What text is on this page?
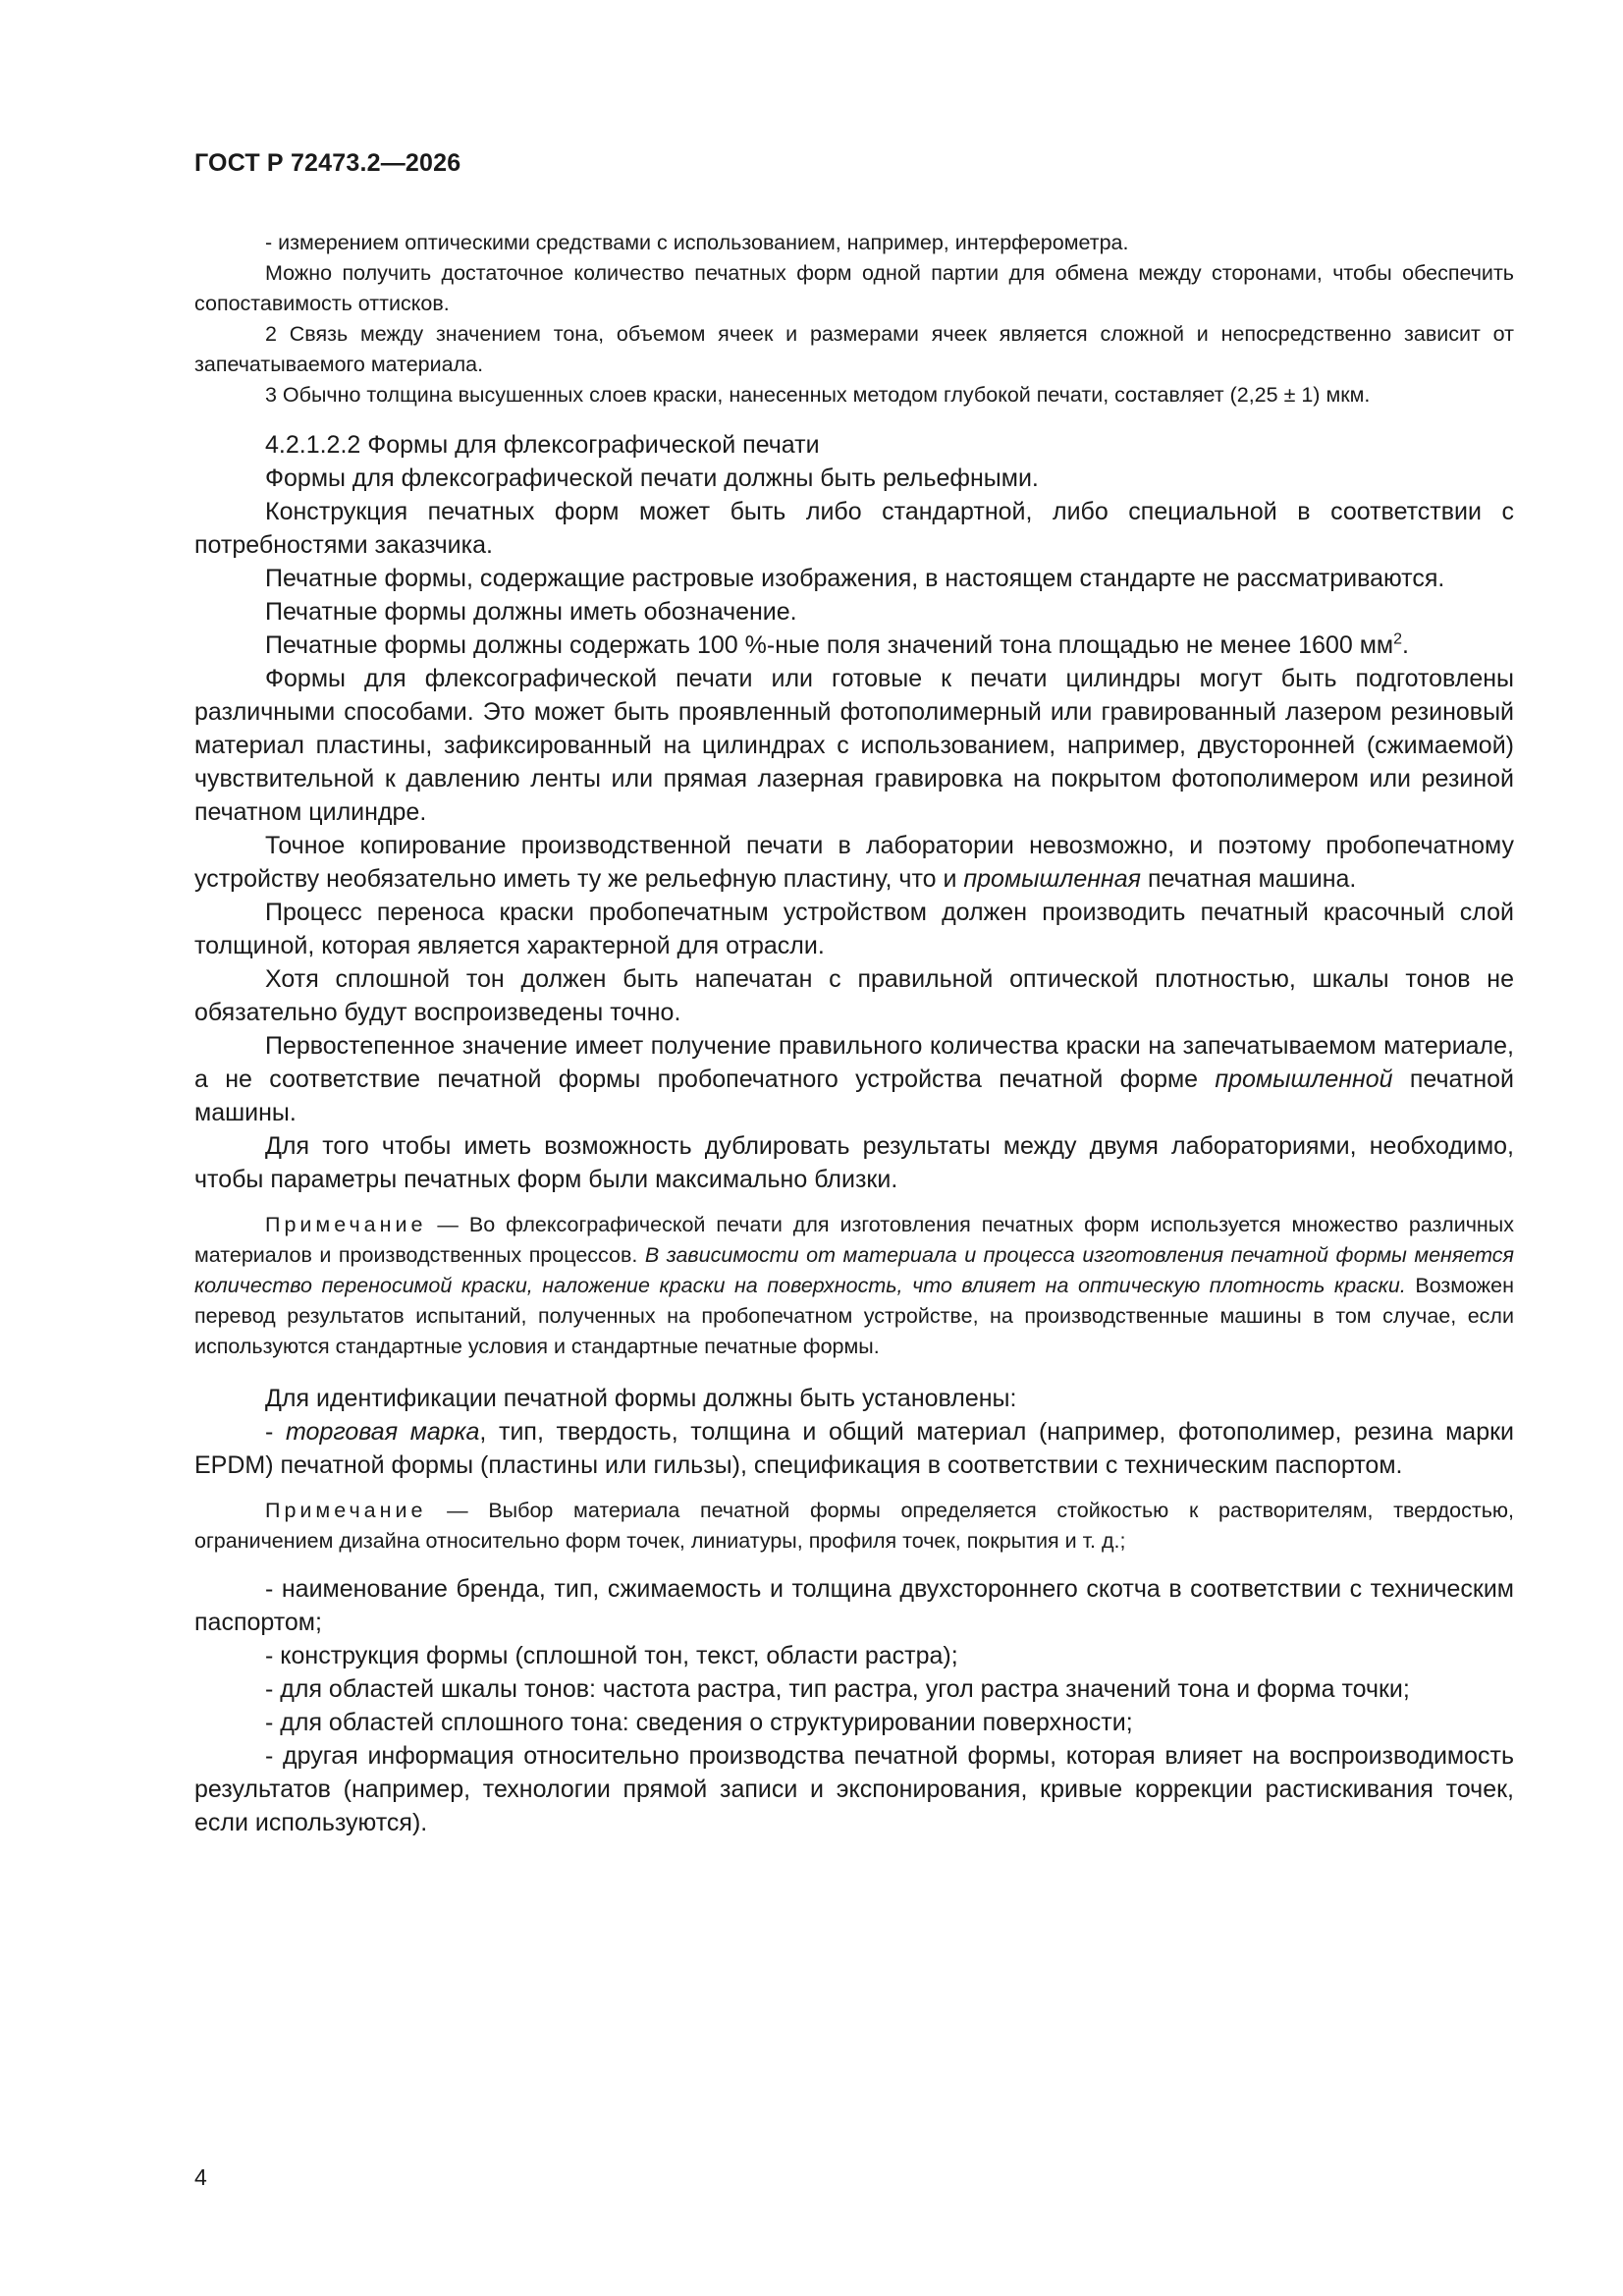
ГОСТ Р 72473.2—2026

- измерением оптическими средствами с использованием, например, интерферометра.

Можно получить достаточное количество печатных форм одной партии для обмена между сторонами, чтобы обеспечить сопоставимость оттисков.

2 Связь между значением тона, объемом ячеек и размерами ячеек является сложной и непосредственно зависит от запечатываемого материала.

3 Обычно толщина высушенных слоев краски, нанесенных методом глубокой печати, составляет (2,25 ± 1) мкм.

4.2.1.2.2 Формы для флексографической печати

Формы для флексографической печати должны быть рельефными.

Конструкция печатных форм может быть либо стандартной, либо специальной в соответствии с потребностями заказчика.

Печатные формы, содержащие растровые изображения, в настоящем стандарте не рассматриваются.

Печатные формы должны иметь обозначение.

Печатные формы должны содержать 100 %-ные поля значений тона площадью не менее 1600 $мм^2$.

Формы для флексографической печати или готовые к печати цилиндры могут быть подготовлены различными способами. Это может быть проявленный фотополимерный или гравированный лазером резиновый материал пластины, зафиксированный на цилиндрах с использованием, например, двусторонней (сжимаемой) чувствительной к давлению ленты или прямая лазерная гравировка на покрытом фотополимером или резиной печатном цилиндре.

Точное копирование производственной печати в лаборатории невозможно, и поэтому пробопечатному устройству необязательно иметь ту же рельефную пластину, что и промышленная печатная машина.

Процесс переноса краски пробопечатным устройством должен производить печатный красочный слой толщиной, которая является характерной для отрасли.

Хотя сплошной тон должен быть напечатан с правильной оптической плотностью, шкалы тонов не обязательно будут воспроизведены точно.

Первостепенное значение имеет получение правильного количества краски на запечатываемом материале, а не соответствие печатной формы пробопечатного устройства печатной форме промышленной печатной машины.

Для того чтобы иметь возможность дублировать результаты между двумя лабораториями, необходимо, чтобы параметры печатных форм были максимально близки.

Примечание — Во флексографической печати для изготовления печатных форм используется множество различных материалов и производственных процессов. В зависимости от материала и процесса изготовления печатной формы меняется количество переносимой краски, наложение краски на поверхность, что влияет на оптическую плотность краски. Возможен перевод результатов испытаний, полученных на пробопечатном устройстве, на производственные машины в том случае, если используются стандартные условия и стандартные печатные формы.

Для идентификации печатной формы должны быть установлены:

- торговая марка, тип, твердость, толщина и общий материал (например, фотополимер, резина марки EPDM) печатной формы (пластины или гильзы), спецификация в соответствии с техническим паспортом.

Примечание — Выбор материала печатной формы определяется стойкостью к растворителям, твердостью, ограничением дизайна относительно форм точек, линиатуры, профиля точек, покрытия и т. д.;

- наименование бренда, тип, сжимаемость и толщина двухстороннего скотча в соответствии с техническим паспортом;

- конструкция формы (сплошной тон, текст, области растра);

- для областей шкалы тонов: частота растра, тип растра, угол растра значений тона и форма точки;

- для областей сплошного тона: сведения о структурировании поверхности;

- другая информация относительно производства печатной формы, которая влияет на воспроизводимость результатов (например, технологии прямой записи и экспонирования, кривые коррекции растискивания точек, если используются).

4
